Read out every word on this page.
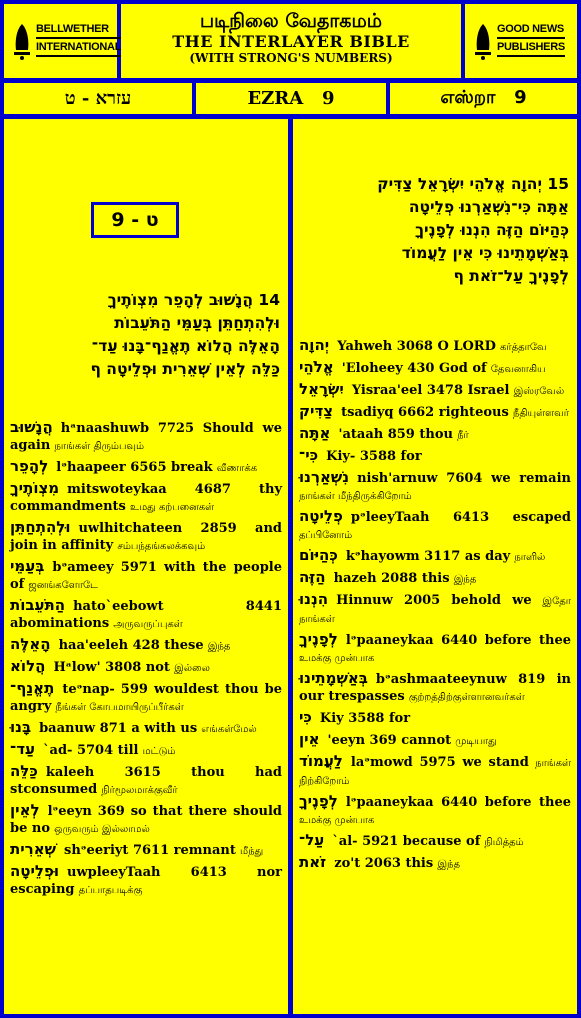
BELLWETHER
INTERNATIONAL
படிநிலை வேதாகமம்
THE INTERLAYER BIBLE
(WITH STRONG'S NUMBERS)
GOOD NEWS
PUBLISHERS
עזרא - ט	EZRA   9	எஸ்றா   9
ט - 9
14 הֲנָשׁוּב לְהָפֵר מִצְוֹתֶיךָ
וּלְהִתְחַתֵּן בְּעַמֵּי הַתֹּעֵבוֹת
הָאֵלֶּה הֲלוֹא תֶאֱנַף־בָּנוּ עַד־
כַּלֵּה לְאֵין שְׁאֵרִית וּפְלֵיטָה ף
הֲנָשׁוּב hᵃnaashuwb 7725 Should we again நாங்கள் திரும்பவும்
לְהָפֵר lᵊhaapeer 6565 break வீணாக்க
מִצְוֹתֶיךָ mitswoteykaa 4687 thy commandments உமது கற்பனைகள்
וּלְהִתְחַתֵּן uwlhitchateen 2859 and join in affinity சம்பந்தங்கலக்கவும்
בְּעַמֵּי bᵊameey 5971 with the people of ஜனங்களோடே
הַתֹּעֵבוֹת hato`eebowt 8441 abominations அருவருப்புகள்
הָאֵלֶּה haa'eeleh 428 these இந்த
הֲלוֹא Hᵃlow' 3808 not இல்லை
תֶאֱנַף־ teᵊnap- 599 wouldest thou be angry நீங்கள் கோபமாயிருப்பீர்கள்
בָּנוּ baanuw 871 a with us எங்கள்மேல்
עַד־ `ad- 5704 till மட்டும்
כַּלֵּה kaleeh 3615 thou had stconsumed நிர்மூலமாக்குவீர்
לְאֵין lᵊeeyn 369 so that there should be no ஒருவரும் இல்லாமல்
שְׁאֵרִית shᵊeeriyt 7611 remnant மீந்து
וּפְלֵיטָה uwpleeyTaah 6413 nor escaping தப்பாதபடிக்கு
15 יְהוָה אֱלֹהֵי יִשְׂרָאֵל צַדִּיק
אַתָּה כִּי־נִשְׁאַרְנוּ פְלֵיטָה
כְּהַיּוֹם הַזֶּה הִנְנוּ לְפָנֶיךָ
בְּאַשְׁמָתֵינוּ כִּי אֵין לַעֲמוֹד
לְפָנֶיךָ עַל־זֹאת ף
יְהוָה Yahweh 3068 O LORD கர்த்தாவே
אֱלֹהֵי 'Eloheey 430 God of தேவனாகிய
יִשְׂרָאֵל Yisraa'eel 3478 Israel இஸ்ரவேல்
צַדִּיק tsadiyq 6662 righteous நீதியுள்ளவர்
אַתָּה 'ataah 859 thou நீர்
כִּי־ Kiy- 3588 for
נִשְׁאַרְנוּ nish'arnuw 7604 we remain நாங்கள் மீந்திருக்கிறோம்
פְלֵיטָה pᵊleeyTaah 6413 escaped தப்பினோம்
כְּהַיּוֹם kᵊhayowm 3117 as day நாளில்
הַזֶּה hazeh 2088 this இந்த
הִנְנוּ Hinnuw 2005 behold we இதோ நாங்கள்
לְפָנֶיךָ lᵊpaaneykaa 6440 before thee உமக்கு முன்பாக
בְּאַשְׁמָתֵינוּ bᵊashmaateeynuw 819 in our trespasses குற்றத்திற்குள்ளானவர்கள்
כִּי Kiy 3588 for
אֵין 'eeyn 369 cannot முடியாது
לַעֲמוֹד laᵊmowd 5975 we stand நாங்கள் நிற்கிறோம்
לְפָנֶיךָ lᵊpaaneykaa 6440 before thee உமக்கு முன்பாக
עַל־ `al- 5921 because of நிமித்தம்
זֹאת zo't 2063 this இந்த
